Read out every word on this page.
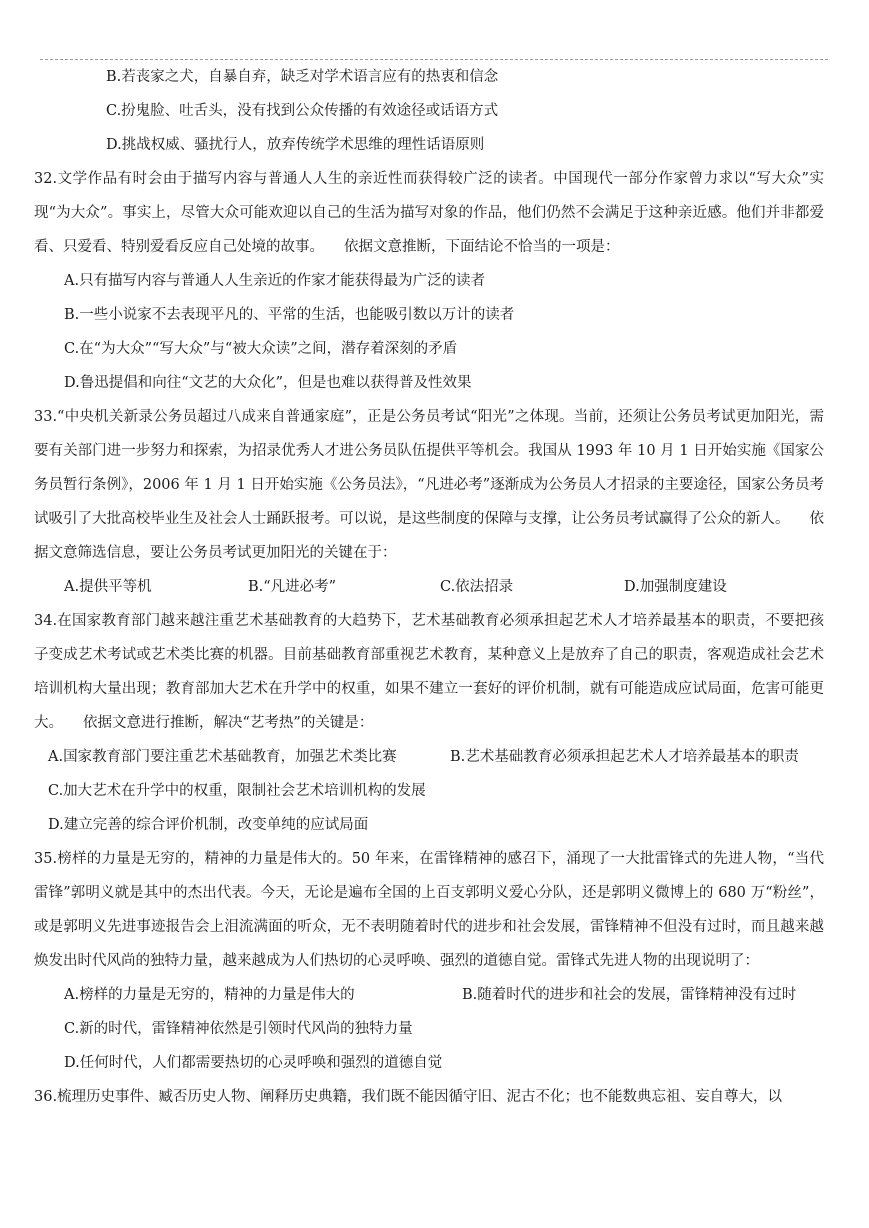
B.若丧家之犬，自暴自弃，缺乏对学术语言应有的热衷和信念
C.扮鬼脸、吐舌头，没有找到公众传播的有效途径或话语方式
D.挑战权威、骚扰行人，放弃传统学术思维的理性话语原则

32.文学作品有时会由于描写内容与普通人人生的亲近性而获得较广泛的读者。中国现代一部分作家曾力求以“写大众”实现“为大众”。事实上，尽管大众可能欢迎以自己的生活为描写对象的作品，他们仍然不会满足于这种亲近感。他们并非都爱看、只爱看、特别爱看反应自己处境的故事。 依据文意推断，下面结论不恰当的一项是：

A.只有描写内容与普通人人生亲近的作家才能获得最为广泛的读者
B.一些小说家不去表现平凡的、平常的生活，也能吸引数以万计的读者
C.在“为大众”“写大众”与“被大众读”之间，潜存着深刻的矛盾
D.鲁迅提倡和向往“文艺的大众化”，但是也难以获得普及性效果

33.“中央机关新录公务员超过八成来自普通家庭”，正是公务员考试“阳光”之体现。当前，还须让公务员考试更加阳光，需要有关部门进一步努力和探索，为招录优秀人才进公务员队伍提供平等机会。我国从 1993 年 10 月 1 日开始实施《国家公务员暂行条例》，2006 年 1 月 1 日开始实施《公务员法》，“凡进必考”逐渐成为公务员人才招录的主要途径，国家公务员考试吸引了大批高校毕业生及社会人士踊跃报考。可以说，是这些制度的保障与支撑，让公务员考试赢得了公众的新人。 依据文意筛选信息，要让公务员考试更加阳光的关键在于：

A.提供平等机	B.“凡进必考”	C.依法招录	D.加强制度建设

34.在国家教育部门越来越注重艺术基础教育的大趋势下，艺术基础教育必须承担起艺术人才培养最基本的职责，不要把孩子变成艺术考试或艺术类比赛的机器。目前基础教育部重视艺术教育，某种意义上是放弃了自己的职责，客观造成社会艺术培训机构大量出现；教育部加大艺术在升学中的权重，如果不建立一套好的评价机制，就有可能造成应试局面，危害可能更大。 依据文意进行推断，解决“艺考热”的关键是：

A.国家教育部门要注重艺术基础教育，加强艺术类比赛	B.艺术基础教育必须承担起艺术人才培养最基本的职责
C.加大艺术在升学中的权重，限制社会艺术培训机构的发展
D.建立完善的综合评价机制，改变单纯的应试局面

35.榜样的力量是无穷的，精神的力量是伟大的。50 年来，在雷锋精神的感召下，涌现了一大批雷锋式的先进人物，“当代雷锋”郭明义就是其中的杰出代表。今天，无论是遍布全国的上百支郭明义爱心分队，还是郭明义微博上的 680 万“粉丝”，或是郭明义先进事迹报告会上泪流满面的听众，无不表明随着时代的进步和社会发展，雷锋精神不但没有过时，而且越来越焕发出时代风尚的独特力量，越来越成为人们热切的心灵呼唤、强烈的道德自觉。雷锋式先进人物的出现说明了：

A.榜样的力量是无穷的，精神的力量是伟大的	B.随着时代的进步和社会的发展，雷锋精神没有过时
C.新的时代，雷锋精神依然是引领时代风尚的独特力量
D.任何时代，人们都需要热切的心灵呼唤和强烈的道德自觉

36.梳理历史事件、臧否历史人物、阐释历史典籍，我们既不能因循守旧、泥古不化；也不能数典忘祖、妄自尊大，以
